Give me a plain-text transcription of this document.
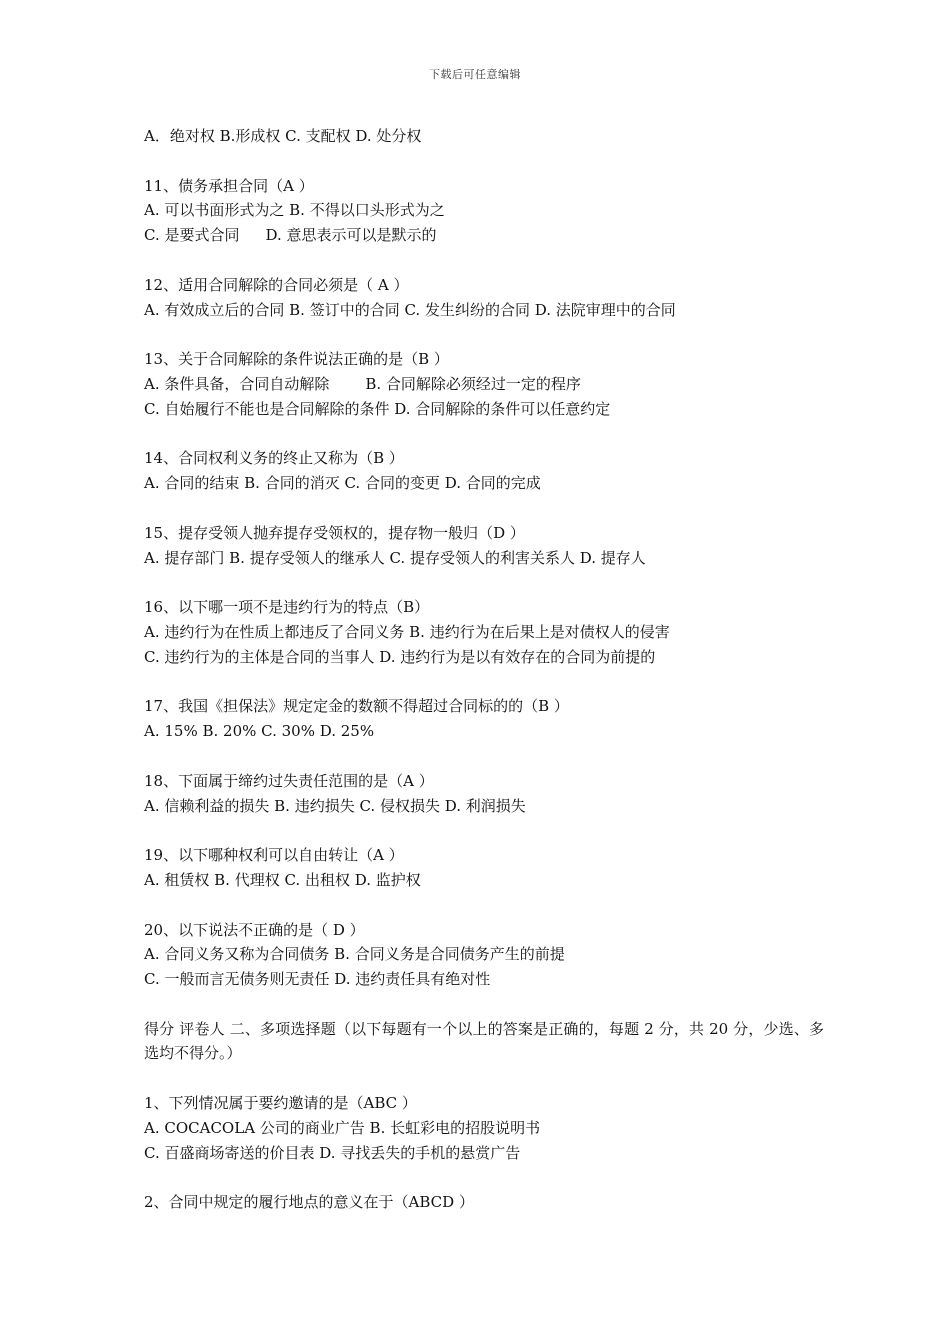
下载后可任意编辑
A．绝对权 B.形成权 C. 支配权 D. 处分权
11、债务承担合同（A ）
A. 可以书面形式为之 B. 不得以口头形式为之
C. 是要式合同 D. 意思表示可以是默示的
12、适用合同解除的合同必须是（ A ）
A. 有效成立后的合同 B. 签订中的合同 C. 发生纠纷的合同 D. 法院审理中的合同
13、关于合同解除的条件说法正确的是（B ）
A. 条件具备，合同自动解除 B. 合同解除必须经过一定的程序
C. 自始履行不能也是合同解除的条件 D. 合同解除的条件可以任意约定
14、合同权利义务的终止又称为（B ）
A. 合同的结束 B. 合同的消灭 C. 合同的变更 D. 合同的完成
15、提存受领人抛弃提存受领权的，提存物一般归（D ）
A. 提存部门 B. 提存受领人的继承人 C. 提存受领人的利害关系人 D. 提存人
16、以下哪一项不是违约行为的特点（B）
A. 违约行为在性质上都违反了合同义务 B. 违约行为在后果上是对债权人的侵害
C. 违约行为的主体是合同的当事人 D. 违约行为是以有效存在的合同为前提的
17、我国《担保法》规定定金的数额不得超过合同标的的（B ）
A. 15% B. 20% C. 30% D. 25%
18、下面属于缔约过失责任范围的是（A ）
A. 信赖利益的损失 B. 违约损失 C. 侵权损失 D. 利润损失
19、以下哪种权利可以自由转让（A ）
A. 租赁权 B. 代理权 C. 出租权 D. 监护权
20、以下说法不正确的是（ D ）
A. 合同义务又称为合同债务 B. 合同义务是合同债务产生的前提
C. 一般而言无债务则无责任 D. 违约责任具有绝对性
得分 评卷人 二、多项选择题（以下每题有一个以上的答案是正确的，每题 2 分，共 20 分，少选、多选均不得分。）
1、下列情况属于要约邀请的是（ABC ）
A. COCACOLA 公司的商业广告 B. 长虹彩电的招股说明书
C. 百盛商场寄送的价目表 D. 寻找丢失的手机的悬赏广告
2、合同中规定的履行地点的意义在于（ABCD ）
